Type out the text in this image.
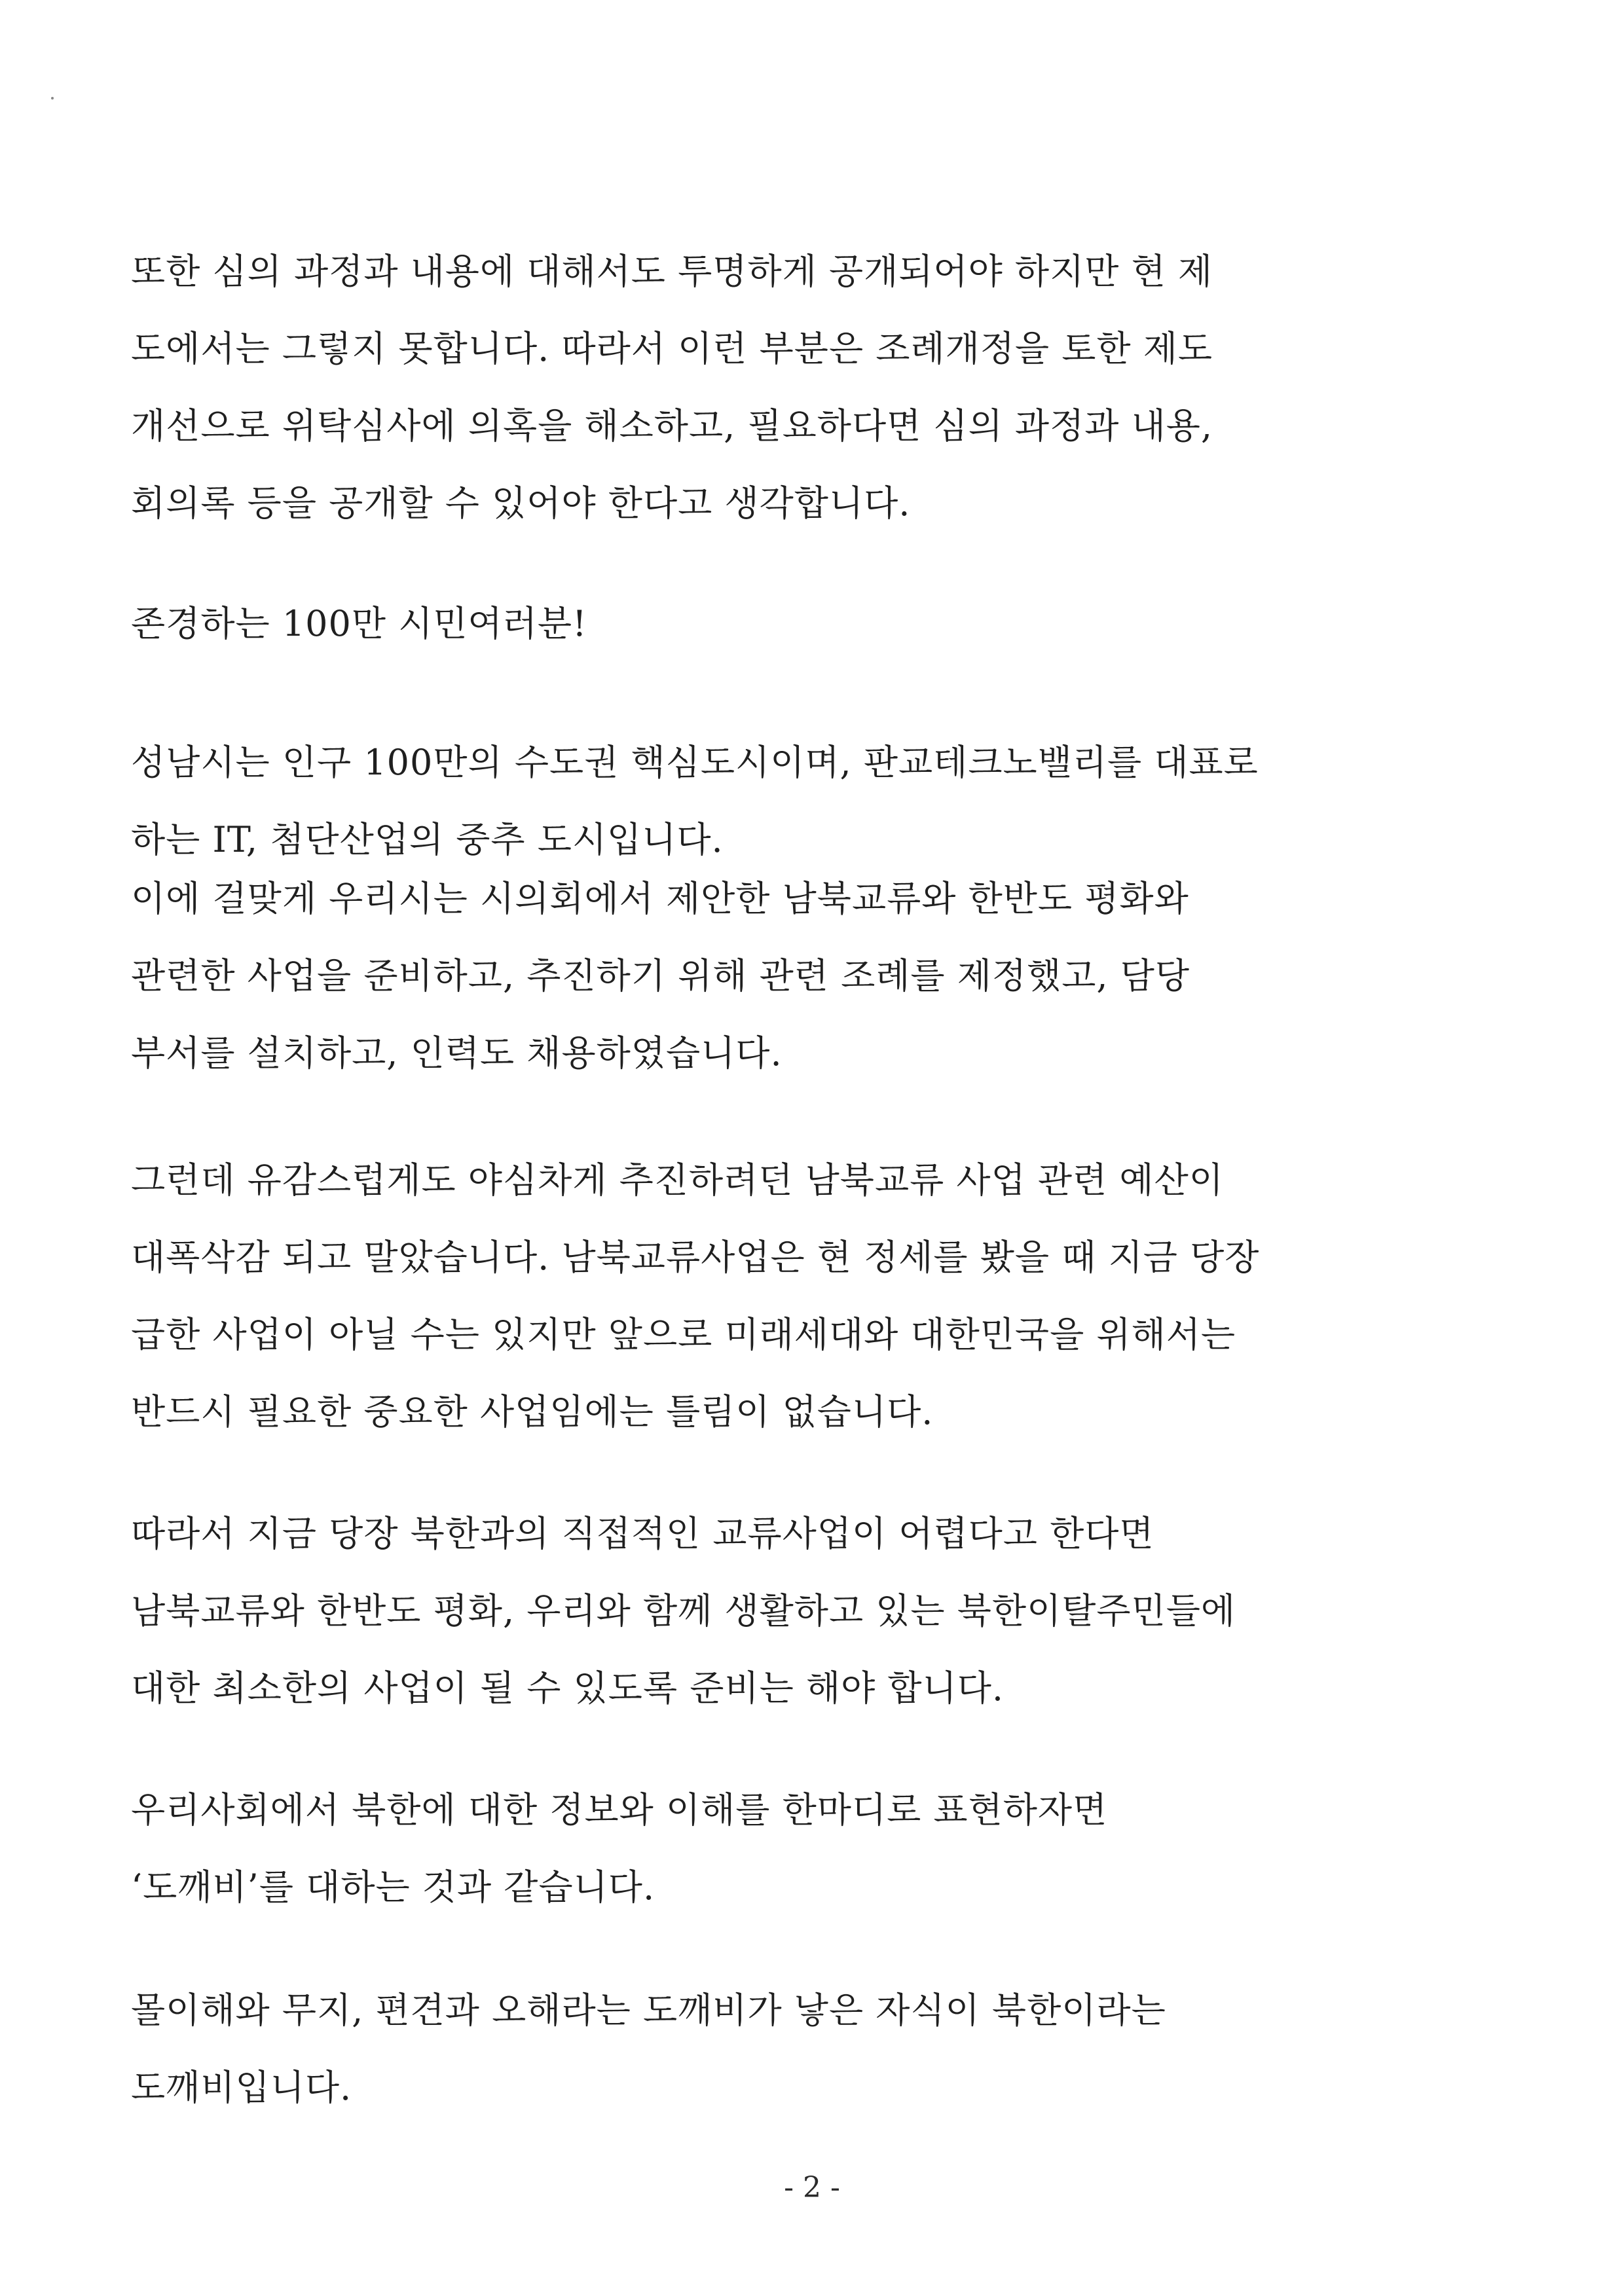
또한 심의 과정과 내용에 대해서도 투명하게 공개되어야 하지만 현 제
도에서는 그렇지 못합니다. 따라서 이런 부분은 조례개정을 토한 제도
개선으로 위탁심사에 의혹을 해소하고, 필요하다면 심의 과정과 내용,
회의록 등을 공개할 수 있어야 한다고 생각합니다.
존경하는 100만 시민여러분!
성남시는 인구 100만의 수도권 핵심도시이며, 판교테크노밸리를 대표로
하는 IT, 첨단산업의 중추 도시입니다.
이에 걸맞게 우리시는 시의회에서 제안한 남북교류와 한반도 평화와
관련한 사업을 준비하고, 추진하기 위해 관련 조례를 제정했고, 담당
부서를 설치하고, 인력도 채용하였습니다.
그런데 유감스럽게도 야심차게 추진하려던 남북교류 사업 관련 예산이
대폭삭감 되고 말았습니다. 남북교류사업은 현 정세를 봤을 때 지금 당장
급한 사업이 아닐 수는 있지만 앞으로 미래세대와 대한민국을 위해서는
반드시 필요한 중요한 사업임에는 틀림이 없습니다.
따라서 지금 당장 북한과의 직접적인 교류사업이 어렵다고 한다면
남북교류와 한반도 평화, 우리와 함께 생활하고 있는 북한이탈주민들에
대한 최소한의 사업이 될 수 있도록 준비는 해야 합니다.
우리사회에서 북한에 대한 정보와 이해를 한마디로 표현하자면
‘도깨비’를 대하는 것과 같습니다.
몰이해와 무지, 편견과 오해라는 도깨비가 낳은 자식이 북한이라는
도깨비입니다.
- 2 -
